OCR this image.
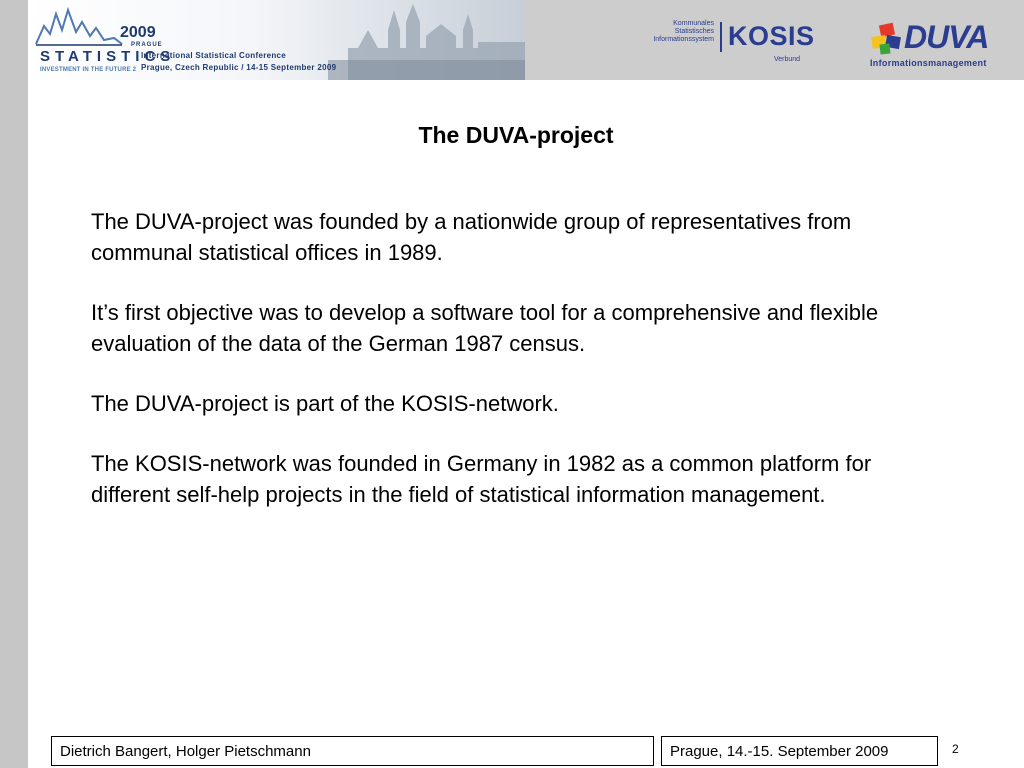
2009
PRAGUE
STATISTICS
INVESTMENT IN THE FUTURE 2
International Statistical Conference
Prague, Czech Republic / 14-15 September 2009
Kommunales
Statistisches
Informationssystem KOSIS
Verbund
DUVA
Informationsmanagement
The DUVA-project

The DUVA-project was founded by a nationwide group of representatives from communal statistical offices in 1989.

It’s first objective was to develop a software tool for a comprehensive and flexible evaluation of the data of the German 1987 census.

The DUVA-project is part of the KOSIS-network.

The KOSIS-network was founded in Germany in 1982 as a common platform for different self-help projects in the field of statistical information management.

Dietrich Bangert, Holger Pietschmann	Prague, 14.-15. September 2009	2
